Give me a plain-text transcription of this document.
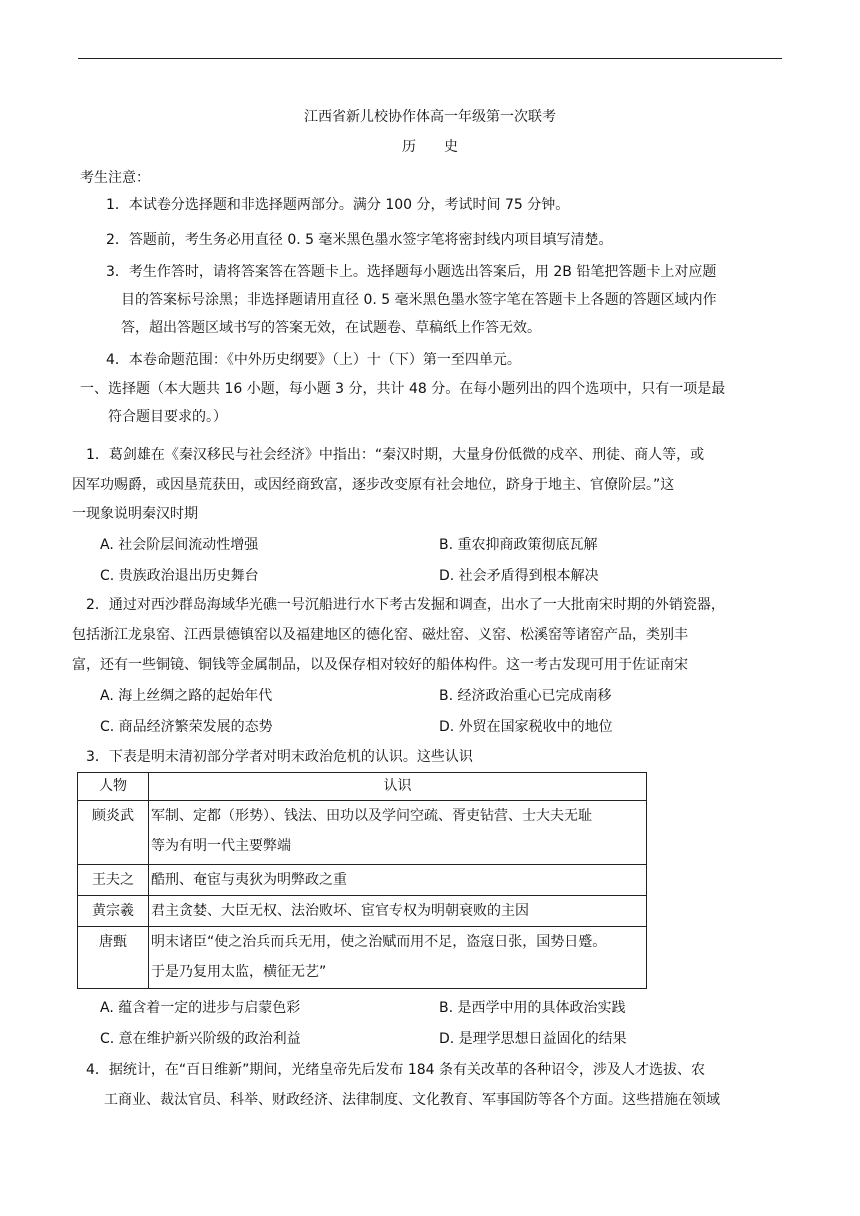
江西省新儿校协作体高一年级第一次联考
历　　史
考生注意：
1．本试卷分选择题和非选择题两部分。满分 100 分，考试时间 75 分钟。
2．答题前，考生务必用直径 0. 5 毫米黑色墨水签字笔将密封线内项目填写清楚。
3．考生作答时，请将答案答在答题卡上。选择题每小题选出答案后，用 2B 铅笔把答题卡上对应题
目的答案标号涂黑；非选择题请用直径 0. 5 毫米黑色墨水签字笔在答题卡上各题的答题区域内作
答，超出答题区域书写的答案无效，在试题卷、草稿纸上作答无效。
4．本卷命题范围：《中外历史纲要》（上）十（下）第一至四单元。
一、选择题（本大题共 16 小题，每小题 3 分，共计 48 分。在每小题列出的四个选项中，只有一项是最
符合题目要求的。）
1．葛剑雄在《秦汉移民与社会经济》中指出：“秦汉时期，大量身份低微的戍卒、刑徒、商人等，或
因军功赐爵，或因垦荒获田，或因经商致富，逐步改变原有社会地位，跻身于地主、官僚阶层。”这
一现象说明秦汉时期
A. 社会阶层间流动性增强	B. 重农抑商政策彻底瓦解
C. 贵族政治退出历史舞台	D. 社会矛盾得到根本解决
2．通过对西沙群岛海域华光礁一号沉船进行水下考古发掘和调查，出水了一大批南宋时期的外销瓷器，
包括浙江龙泉窑、江西景德镇窑以及福建地区的德化窑、磁灶窑、义窑、松溪窑等诸窑产品，类别丰
富，还有一些铜镜、铜钱等金属制品，以及保存相对较好的船体构件。这一考古发现可用于佐证南宋
A. 海上丝绸之路的起始年代	B. 经济政治重心已完成南移
C. 商品经济繁荣发展的态势	D. 外贸在国家税收中的地位
3．下表是明末清初部分学者对明末政治危机的认识。这些认识
人物	认识
顾炎武	军制、定都（形势）、钱法、田功以及学问空疏、胥吏钻营、士大夫无耻
等为有明一代主要弊端

王夫之	酷刑、奄宦与夷狄为明弊政之重
黄宗羲	君主贪婪、大臣无权、法治败坏、宦官专权为明朝衰败的主因
唐甄	明末诸臣“使之治兵而兵无用，使之治赋而用不足，盗寇日张，国势日蹙。
于是乃复用太监，横征无艺”
A. 蕴含着一定的进步与启蒙色彩	B. 是西学中用的具体政治实践
C. 意在维护新兴阶级的政治利益	D. 是理学思想日益固化的结果
4．据统计，在“百日维新”期间，光绪皇帝先后发布 184 条有关改革的各种诏令，涉及人才选拔、农
工商业、裁汰官员、科举、财政经济、法律制度、文化教育、军事国防等各个方面。这些措施在领域
